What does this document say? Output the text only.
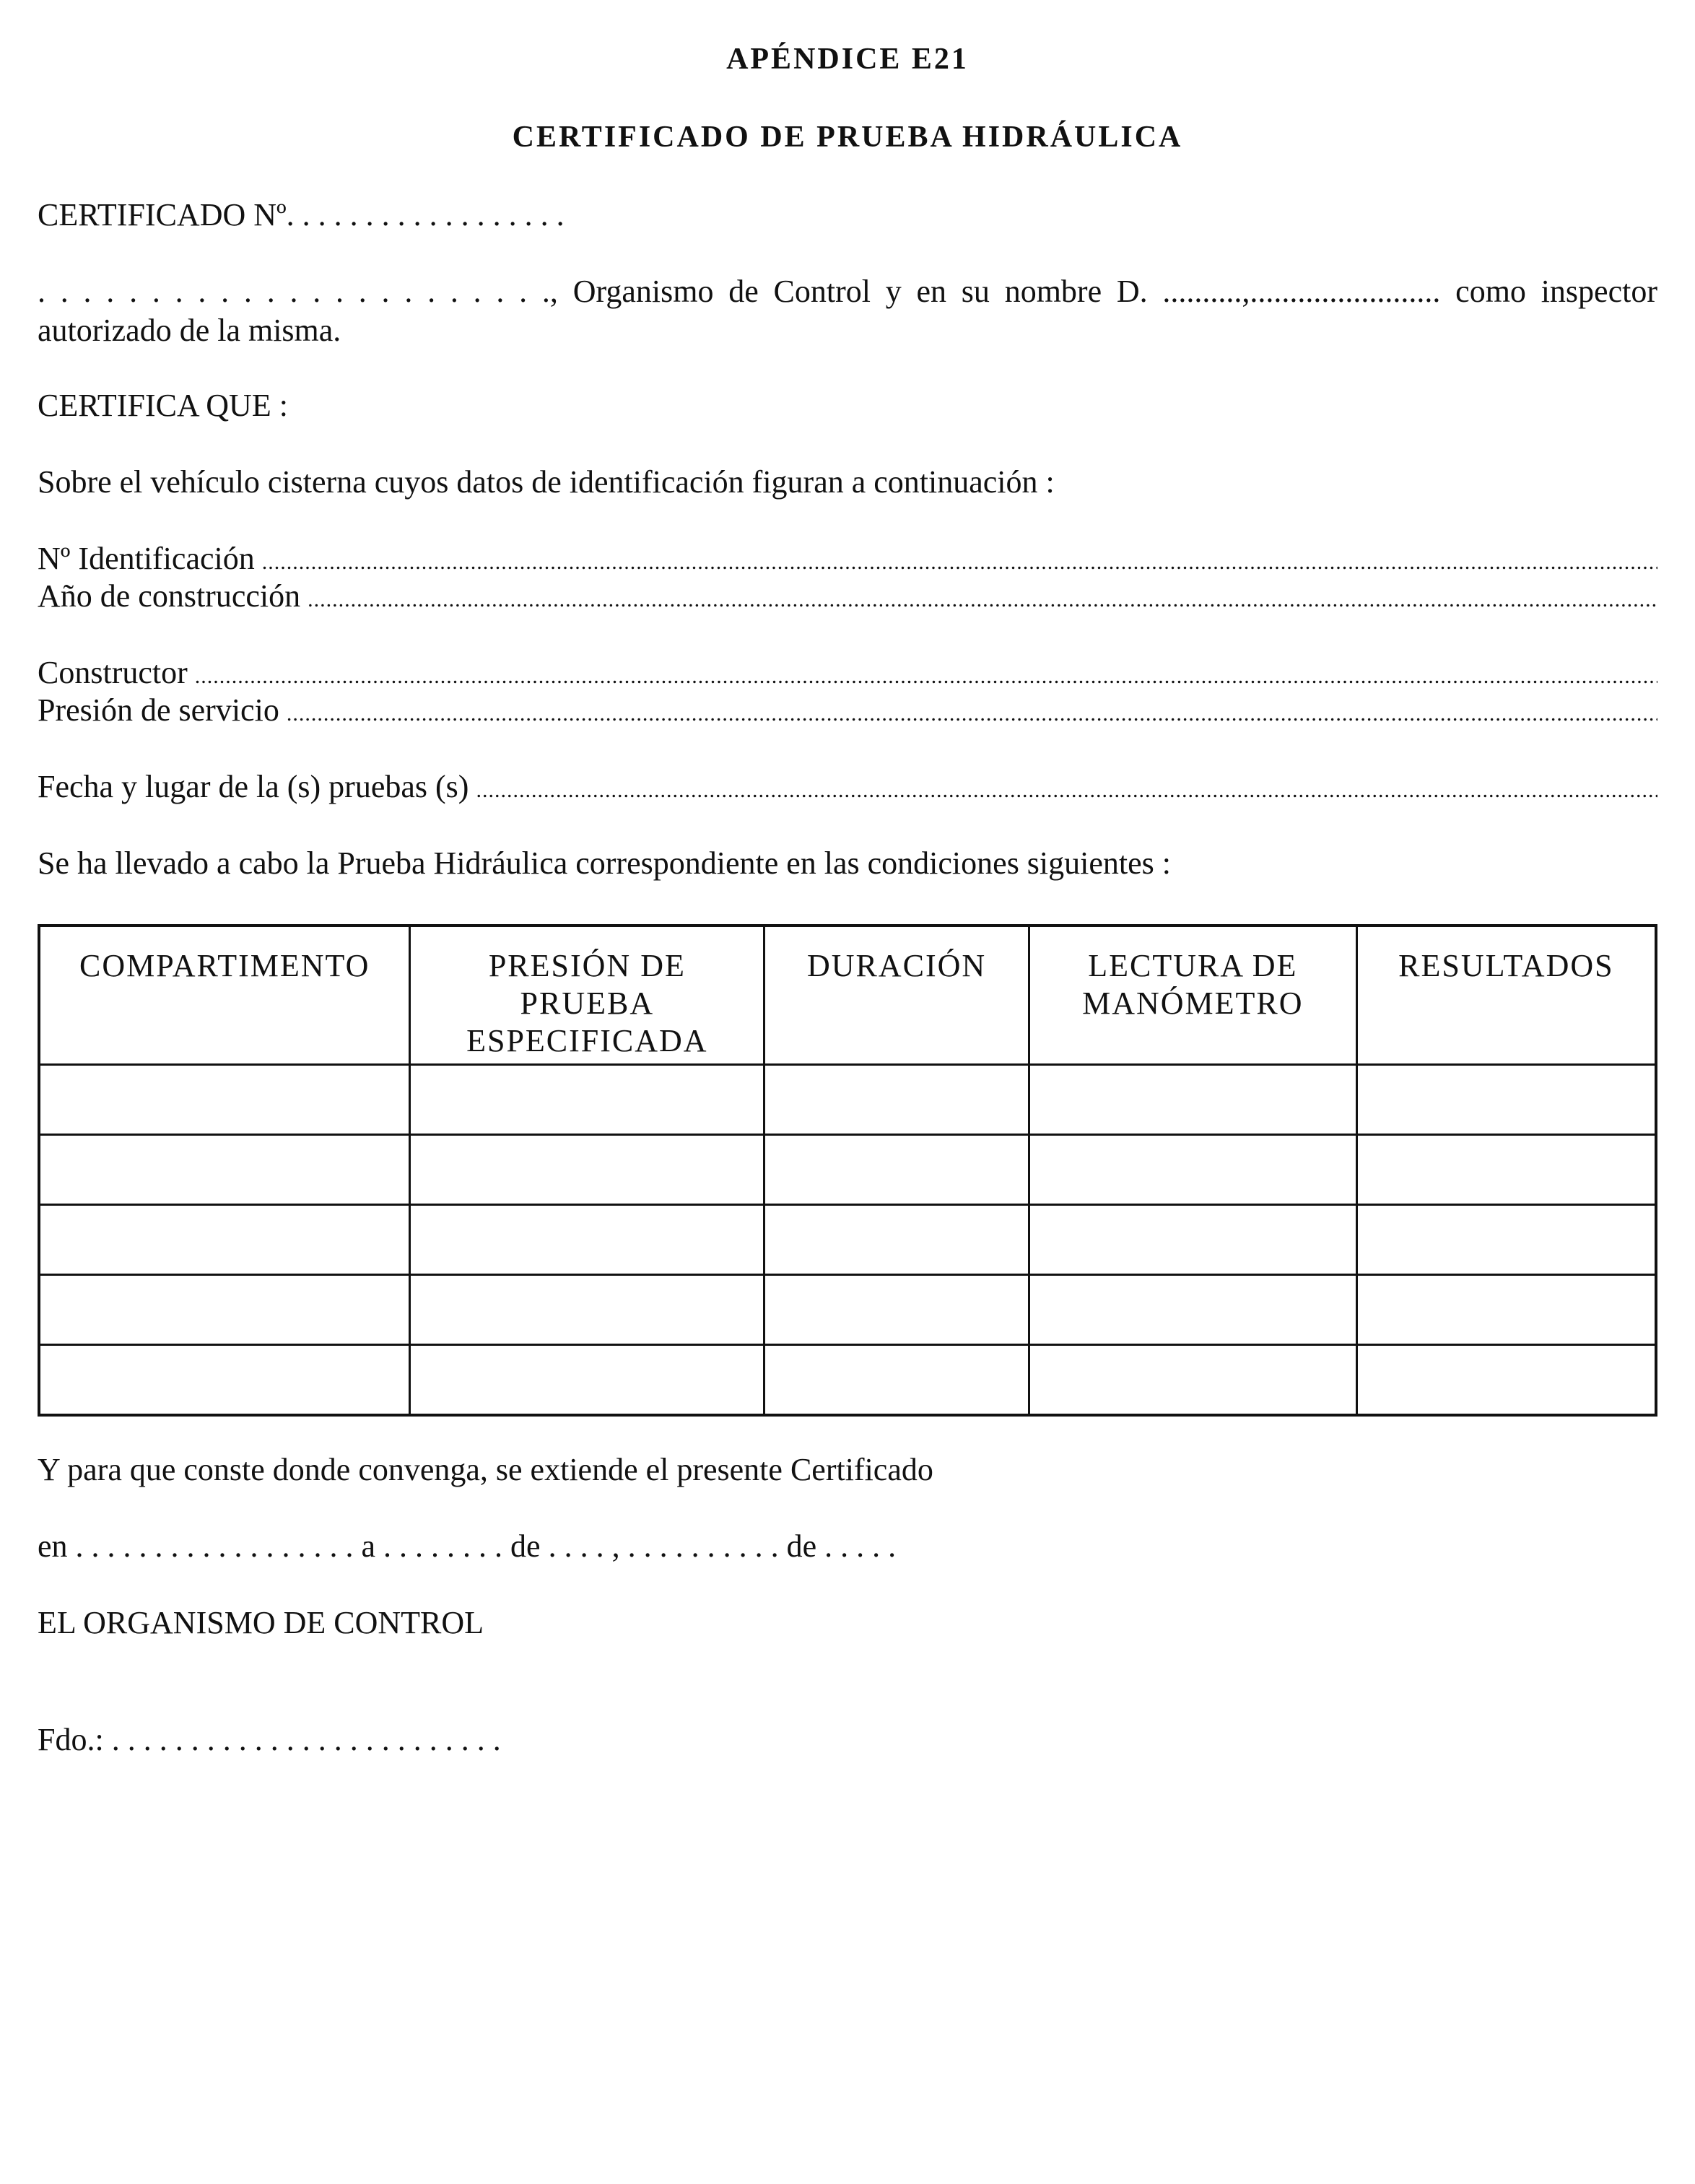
APÉNDICE E21
CERTIFICADO DE PRUEBA HIDRÁULICA
CERTIFICADO Nº. . . . . . . . . . . . . . . . . .
. . . . . . . . . . . . . . . . . . . . . . ., Organismo de Control y en su nombre D. ..........,........................ como inspector
autorizado de la misma.
CERTIFICA QUE :
Sobre el vehículo cisterna cuyos datos de identificación figuran a continuación :
Nº Identificación
.....
Año de construcción
.....
Constructor
.....
Presión de servicio
.....
Fecha y lugar de la (s) pruebas (s)
.....
Se ha llevado a cabo la Prueba Hidráulica correspondiente en las condiciones siguientes :
COMPARTIMENTO	PRESIÓN DE PRUEBA ESPECIFICADA	DURACIÓN	LECTURA DE MANÓMETRO	RESULTADOS

Y para que conste donde convenga, se extiende el presente Certificado
en . . . . . . . . . . . . . . . . . . a . . . . . . . . de . . . . , . . . . . . . . . . de . . . . .
EL ORGANISMO DE CONTROL
Fdo.: . . . . . . . . . . . . . . . . . . . . . . . . .
